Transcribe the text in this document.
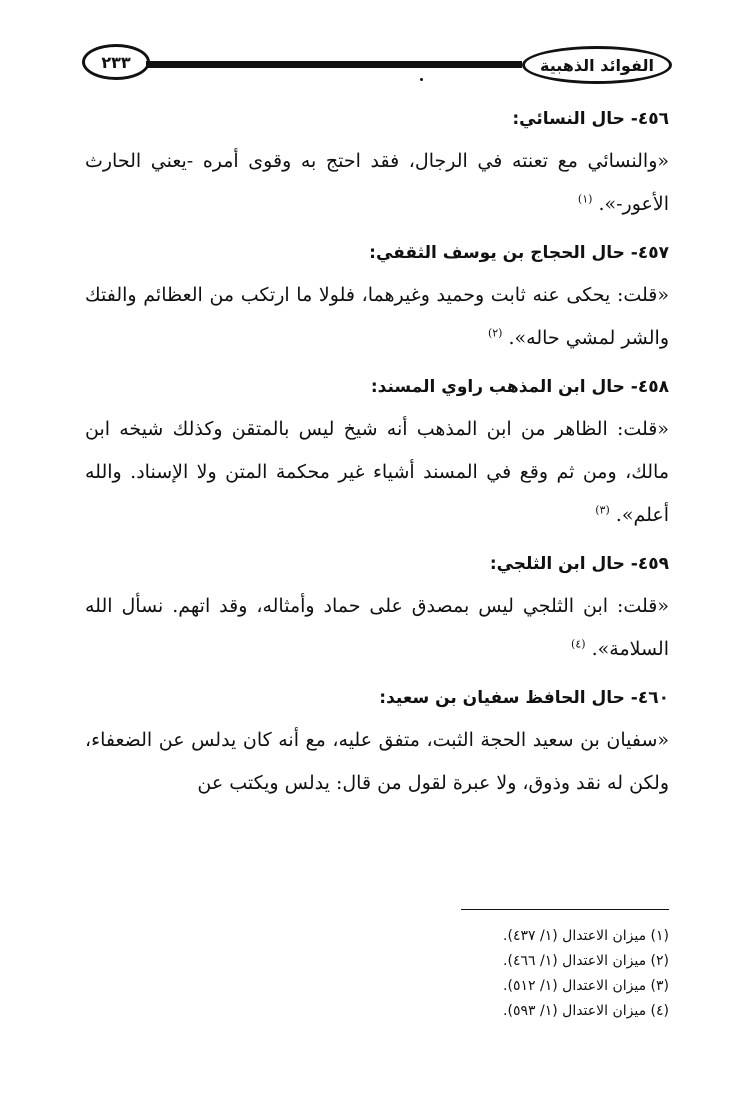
الفوائد الذهبية
٢٣٣

٤٥٦- حال النسائي:

«والنسائي مع تعنته في الرجال، فقد احتج به وقوى أمره -يعني الحارث الأعور-». $^{(١)}$

٤٥٧- حال الحجاج بن يوسف الثقفي:

«قلت: يحكى عنه ثابت وحميد وغيرهما، فلولا ما ارتكب من العظائم والفتك والشر لمشي حاله». $^{(٢)}$

٤٥٨- حال ابن المذهب راوي المسند:

«قلت: الظاهر من ابن المذهب أنه شيخ ليس بالمتقن وكذلك شيخه ابن مالك، ومن ثم وقع في المسند أشياء غير محكمة المتن ولا الإسناد. والله أعلم». $^{(٣)}$

٤٥٩- حال ابن الثلجي:

«قلت: ابن الثلجي ليس بمصدق على حماد وأمثاله، وقد اتهم. نسأل الله السلامة». $^{(٤)}$

٤٦٠- حال الحافظ سفيان بن سعيد:

«سفيان بن سعيد الحجة الثبت، متفق عليه، مع أنه كان يدلس عن الضعفاء، ولكن له نقد وذوق، ولا عبرة لقول من قال: يدلس ويكتب عن

(١) ميزان الاعتدال (١/ ٤٣٧).

(٢) ميزان الاعتدال (١/ ٤٦٦).

(٣) ميزان الاعتدال (١/ ٥١٢).

(٤) ميزان الاعتدال (١/ ٥٩٣).
